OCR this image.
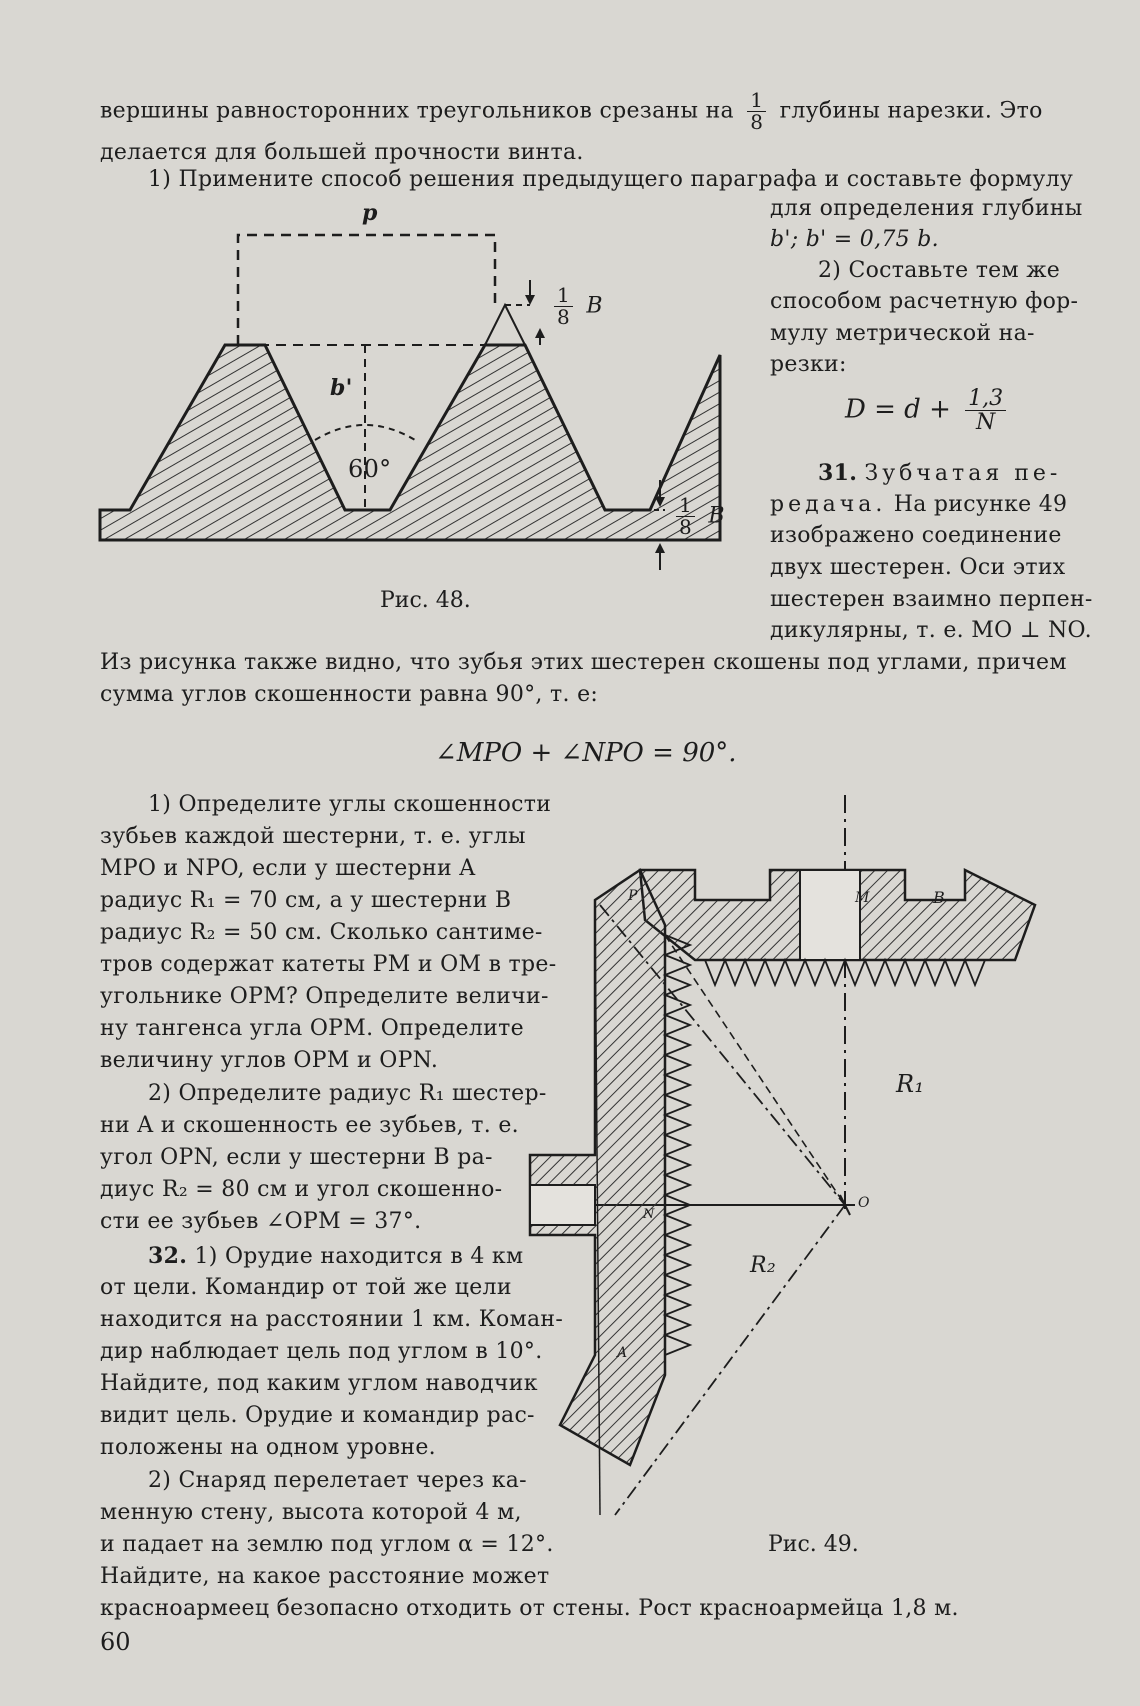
вершины равносторонних треугольников срезаны на $\frac{1}{8}$ глубины нарезки. Это
делается для большей прочности винта.
1) Примените способ решения предыдущего параграфа и составьте формулу
для определения глубины
b'; b' = 0,75 b.
2) Составьте тем же
способом расчетную фор-
мулу метрической на-
резки:
$D = d + \frac{1,3}{N}$
31. Зубчатая пе-
редача. На рисунке 49
изображено соединение
двух шестерен. Оси этих
шестерен взаимно перпен-
дикулярны, т. е. MO ⊥ NO.
p
b'
60°
$\frac{1}{8}$ B
$\frac{1}{8}$ B
Рис. 48.
Из рисунка также видно, что зубья этих шестерен скошены под углами, причем
сумма углов скошенности равна 90°, т. е:
∠MPO + ∠NPO = 90°.
1) Определите углы скошенности
зубьев каждой шестерни, т. е. углы
MPO и NPO, если у шестерни A
радиус R₁ = 70 см, а у шестерни B
радиус R₂ = 50 см. Сколько сантиме-
тров содержат катеты PM и OM в тре-
угольнике OPM? Определите величи-
ну тангенса угла OPM. Определите
величину углов OPM и OPN.
2) Определите радиус R₁ шестер-
ни A и скошенность ее зубьев, т. е.
угол OPN, если у шестерни B ра-
диус R₂ = 80 см и угол скошенно-
сти ее зубьев ∠OPM = 37°.
32. 1) Орудие находится в 4 км
от цели. Командир от той же цели
находится на расстоянии 1 км. Коман-
дир наблюдает цель под углом в 10°.
Найдите, под каким углом наводчик
видит цель. Орудие и командир рас-
положены на одном уровне.
2) Снаряд перелетает через ка-
менную стену, высота которой 4 м,
и падает на землю под углом α = 12°.
Найдите, на какое расстояние может
красноармеец безопасно отходить от стены. Рост красноармейца 1,8 м.
P	M	B
R₁
R₂
N
O
A
Рис. 49.
60
